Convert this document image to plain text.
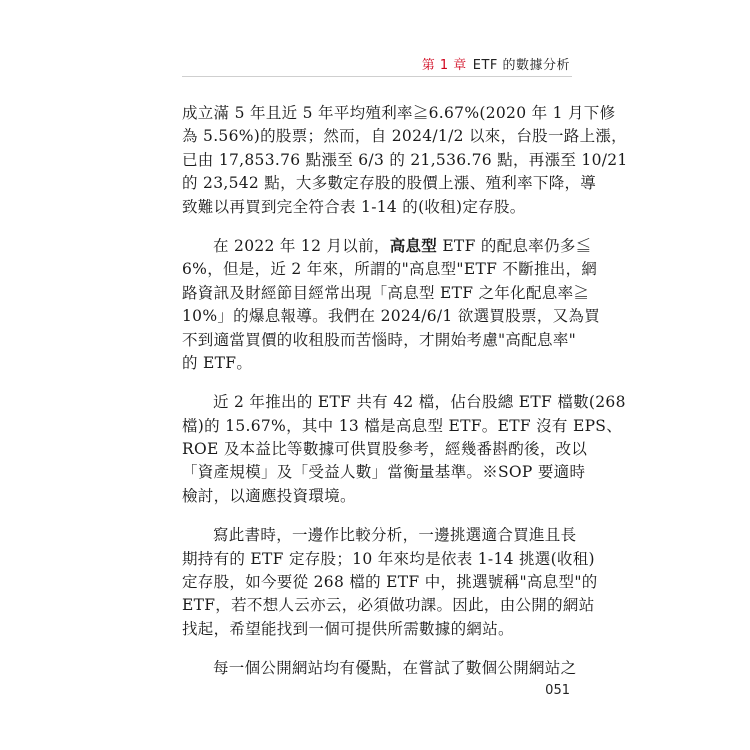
第 1 章 ETF 的數據分析
成立滿 5 年且近 5 年平均殖利率≧6.67%(2020 年 1 月下修
為 5.56%)的股票；然而，自 2024/1/2 以來，台股一路上漲，
已由 17,853.76 點漲至 6/3 的 21,536.76 點，再漲至 10/21
的 23,542 點，大多數定存股的股價上漲、殖利率下降，導
致難以再買到完全符合表 1-14 的(收租)定存股。
在 2022 年 12 月以前，高息型 ETF 的配息率仍多≦
6%，但是，近 2 年來，所謂的"高息型"ETF 不斷推出，網
路資訊及財經節目經常出現「高息型 ETF 之年化配息率≧
10%」的爆息報導。我們在 2024/6/1 欲選買股票，又為買
不到適當買價的收租股而苦惱時，才開始考慮"高配息率"
的 ETF。
近 2 年推出的 ETF 共有 42 檔，佔台股總 ETF 檔數(268
檔)的 15.67%，其中 13 檔是高息型 ETF。ETF 沒有 EPS、
ROE 及本益比等數據可供買股參考，經幾番斟酌後，改以
「資產規模」及「受益人數」當衡量基準。※SOP 要適時
檢討，以適應投資環境。
寫此書時，一邊作比較分析，一邊挑選適合買進且長
期持有的 ETF 定存股；10 年來均是依表 1-14 挑選(收租)
定存股，如今要從 268 檔的 ETF 中，挑選號稱"高息型"的
ETF，若不想人云亦云，必須做功課。因此，由公開的網站
找起，希望能找到一個可提供所需數據的網站。
每一個公開網站均有優點，在嘗試了數個公開網站之
051
